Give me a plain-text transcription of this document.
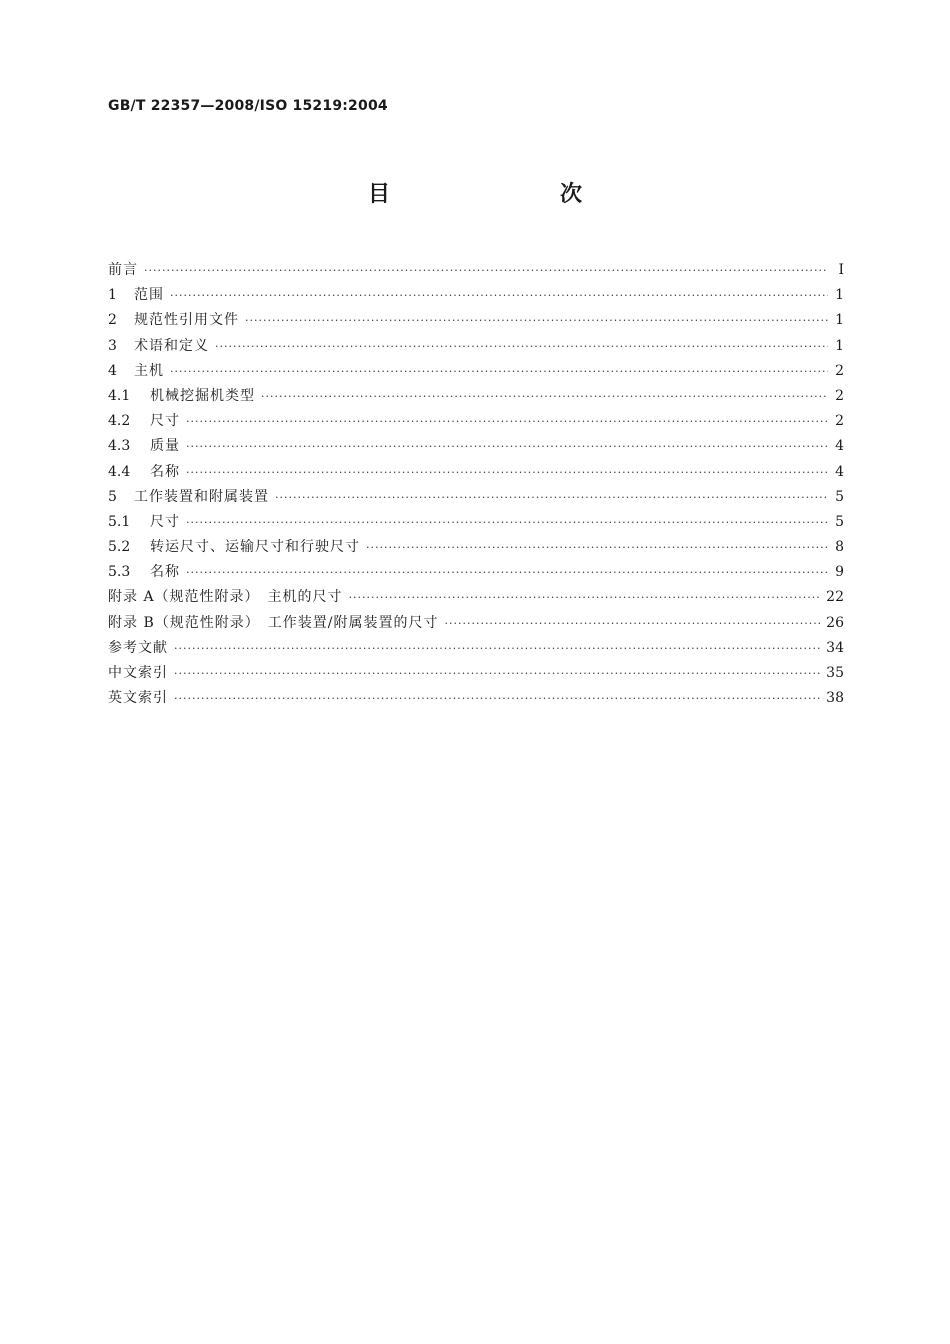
GB/T 22357—2008/ISO 15219:2004
目　　次
前言 ·····	Ⅰ
1	范围 ·····	1
2	规范性引用文件 ·····	1
3	术语和定义 ·····	1
4	主机 ·····	2
4.1	机械挖掘机类型 ·····	2
4.2	尺寸 ·····	2
4.3	质量 ·····	4
4.4	名称 ·····	4
5	工作装置和附属装置 ·····	5
5.1	尺寸 ·····	5
5.2	转运尺寸、运输尺寸和行驶尺寸 ·····	8
5.3	名称 ·····	9
附录 A（规范性附录）　主机的尺寸 ·····	22
附录 B（规范性附录）　工作装置/附属装置的尺寸 ·····	26
参考文献 ·····	34
中文索引 ·····	35
英文索引 ·····	38
